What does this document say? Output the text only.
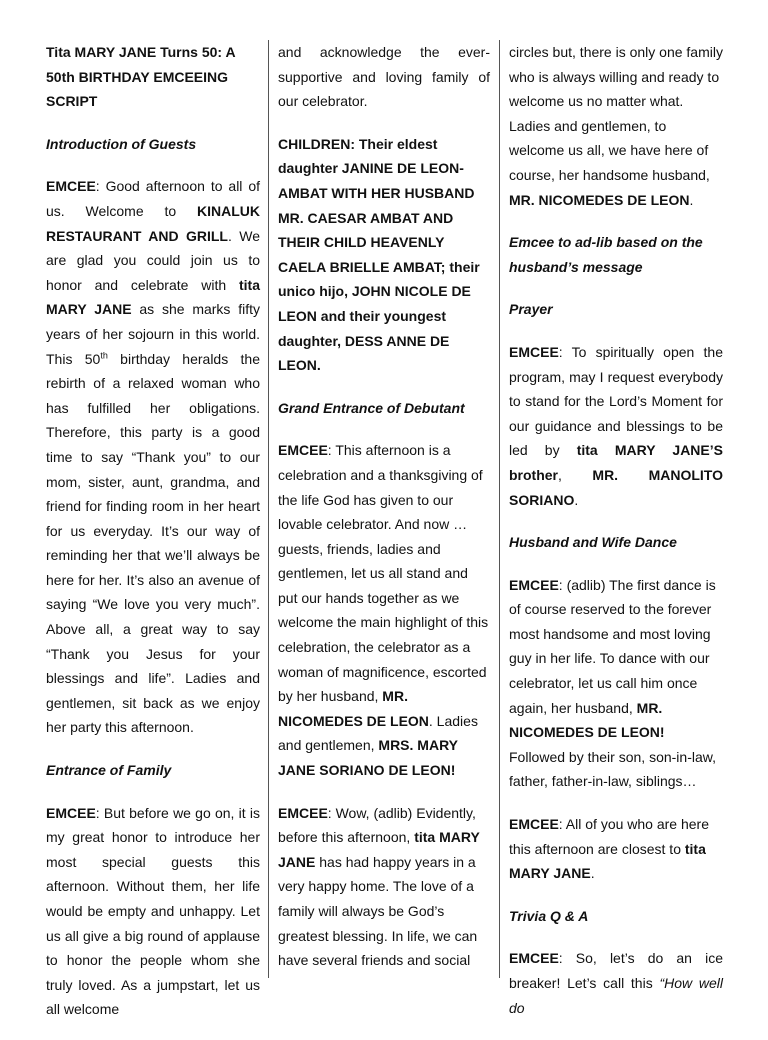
Tita MARY JANE Turns 50: A 50th BIRTHDAY EMCEEING SCRIPT

Introduction of Guests

EMCEE: Good afternoon to all of us. Welcome to KINALUK RESTAURANT AND GRILL. We are glad you could join us to honor and celebrate with tita MARY JANE as she marks fifty years of her sojourn in this world. This 50th birthday heralds the rebirth of a relaxed woman who has fulfilled her obligations. Therefore, this party is a good time to say “Thank you” to our mom, sister, aunt, grandma, and friend for finding room in her heart for us everyday. It’s our way of reminding her that we’ll always be here for her. It’s also an avenue of saying “We love you very much”. Above all, a great way to say “Thank you Jesus for your blessings and life”. Ladies and gentlemen, sit back as we enjoy her party this afternoon.

Entrance of Family

EMCEE: But before we go on, it is my great honor to introduce her most special guests this afternoon. Without them, her life would be empty and unhappy. Let us all give a big round of applause to honor the people whom she truly loved. As a jumpstart, let us all welcome

and acknowledge the ever-supportive and loving family of our celebrator.

CHILDREN: Their eldest daughter JANINE DE LEON-AMBAT WITH HER HUSBAND MR. CAESAR AMBAT AND THEIR CHILD HEAVENLY CAELA BRIELLE AMBAT; their unico hijo, JOHN NICOLE DE LEON and their youngest daughter, DESS ANNE DE LEON.

Grand Entrance of Debutant

EMCEE: This afternoon is a celebration and a thanksgiving of the life God has given to our lovable celebrator. And now … guests, friends, ladies and gentlemen, let us all stand and put our hands together as we welcome the main highlight of this celebration, the celebrator as a woman of magnificence, escorted by her husband, MR. NICOMEDES DE LEON. Ladies and gentlemen, MRS. MARY JANE SORIANO DE LEON!

EMCEE: Wow, (adlib) Evidently, before this afternoon, tita MARY JANE has had happy years in a very happy home. The love of a family will always be God’s greatest blessing. In life, we can have several friends and social

circles but, there is only one family who is always willing and ready to welcome us no matter what. Ladies and gentlemen, to welcome us all, we have here of course, her handsome husband, MR. NICOMEDES DE LEON.

Emcee to ad-lib based on the husband’s message

Prayer

EMCEE: To spiritually open the program, may I request everybody to stand for the Lord’s Moment for our guidance and blessings to be led by tita MARY JANE’S brother, MR. MANOLITO SORIANO.

Husband and Wife Dance

EMCEE: (adlib) The first dance is of course reserved to the forever most handsome and most loving guy in her life. To dance with our celebrator, let us call him once again, her husband, MR. NICOMEDES DE LEON! Followed by their son, son-in-law, father, father-in-law, siblings…

EMCEE: All of you who are here this afternoon are closest to tita MARY JANE.

Trivia Q & A

EMCEE: So, let’s do an ice breaker! Let’s call this “How well do
